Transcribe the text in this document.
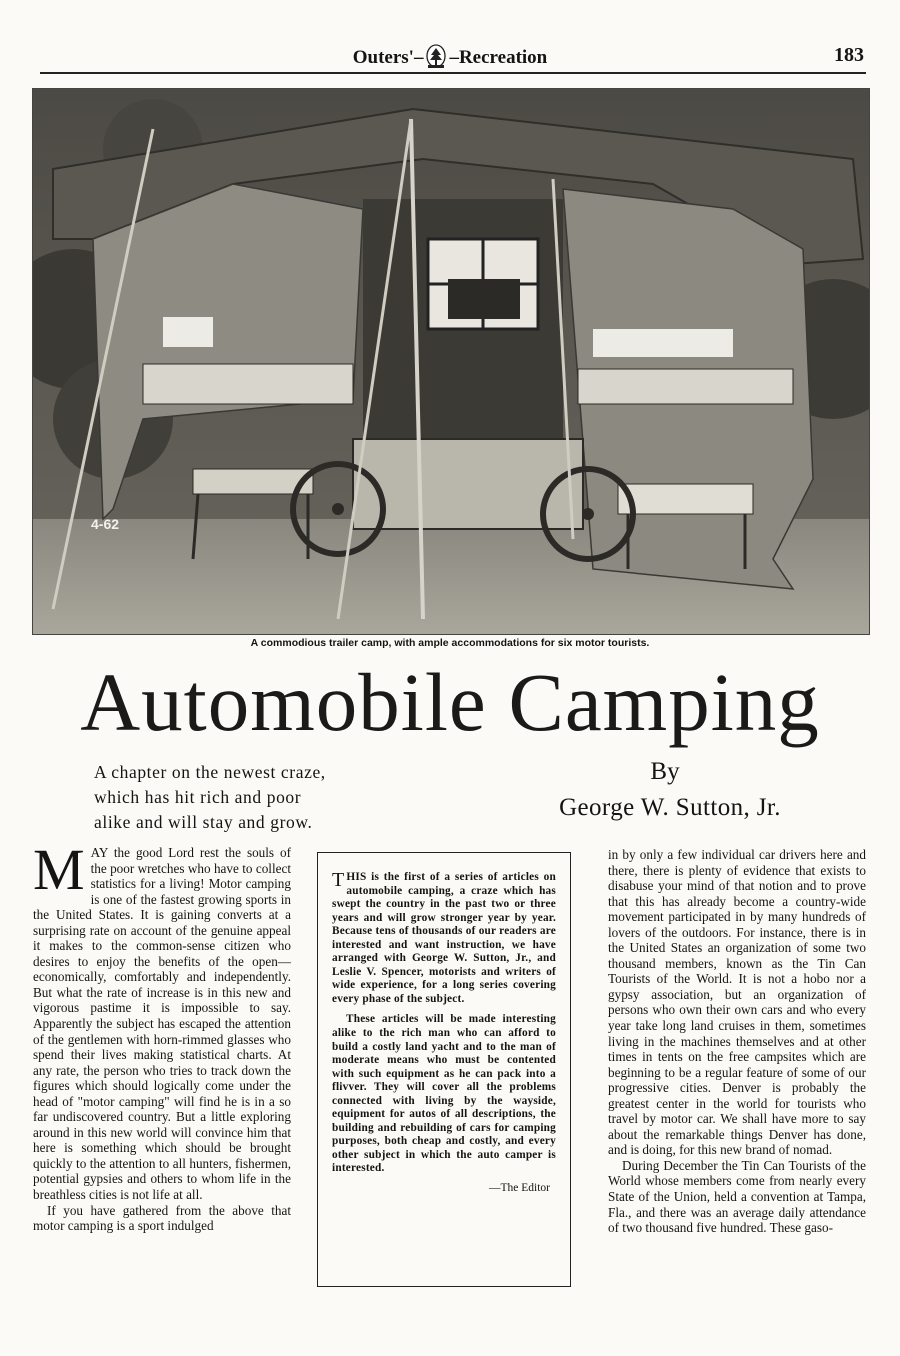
Outers'– –Recreation	183
4-62
A commodious trailer camp, with ample accommodations for six motor tourists.
Automobile Camping
A chapter on the newest craze,
which has hit rich and poor
alike and will stay and grow.
By
George W. Sutton, Jr.

MAY the good Lord rest the souls of the poor wretches who have to collect statistics for a living! Motor camping is one of the fastest growing sports in the United States. It is gaining converts at a surprising rate on account of the genuine appeal it makes to the common-sense citizen who desires to enjoy the benefits of the open—economically, comfortably and independently. But what the rate of increase is in this new and vigorous pastime it is impossible to say. Apparently the subject has escaped the attention of the gentlemen with horn-rimmed glasses who spend their lives making statistical charts. At any rate, the person who tries to track down the figures which should logically come under the head of "motor camping" will find he is in a so far undiscovered country. But a little exploring around in this new world will convince him that here is something which should be brought quickly to the attention to all hunters, fishermen, potential gypsies and others to whom life in the breathless cities is not life at all.

If you have gathered from the above that motor camping is a sport indulged

THIS is the first of a series of articles on automobile camping, a craze which has swept the country in the past two or three years and will grow stronger year by year. Because tens of thousands of our readers are interested and want instruction, we have arranged with George W. Sutton, Jr., and Leslie V. Spencer, motorists and writers of wide experience, for a long series covering every phase of the subject.

These articles will be made interesting alike to the rich man who can afford to build a costly land yacht and to the man of moderate means who must be contented with such equipment as he can pack into a flivver. They will cover all the problems connected with living by the wayside, equipment for autos of all descriptions, the building and rebuilding of cars for camping purposes, both cheap and costly, and every other subject in which the auto camper is interested.

—The Editor

in by only a few individual car drivers here and there, there is plenty of evidence that exists to disabuse your mind of that notion and to prove that this has already become a country-wide movement participated in by many hundreds of lovers of the outdoors. For instance, there is in the United States an organization of some two thousand members, known as the Tin Can Tourists of the World. It is not a hobo nor a gypsy association, but an organization of persons who own their own cars and who every year take long land cruises in them, sometimes living in the machines themselves and at other times in tents on the free campsites which are beginning to be a regular feature of some of our progressive cities. Denver is probably the greatest center in the world for tourists who travel by motor car. We shall have more to say about the remarkable things Denver has done, and is doing, for this new brand of nomad.

During December the Tin Can Tourists of the World whose members come from nearly every State of the Union, held a convention at Tampa, Fla., and there was an average daily attendance of two thousand five hundred. These gaso-
